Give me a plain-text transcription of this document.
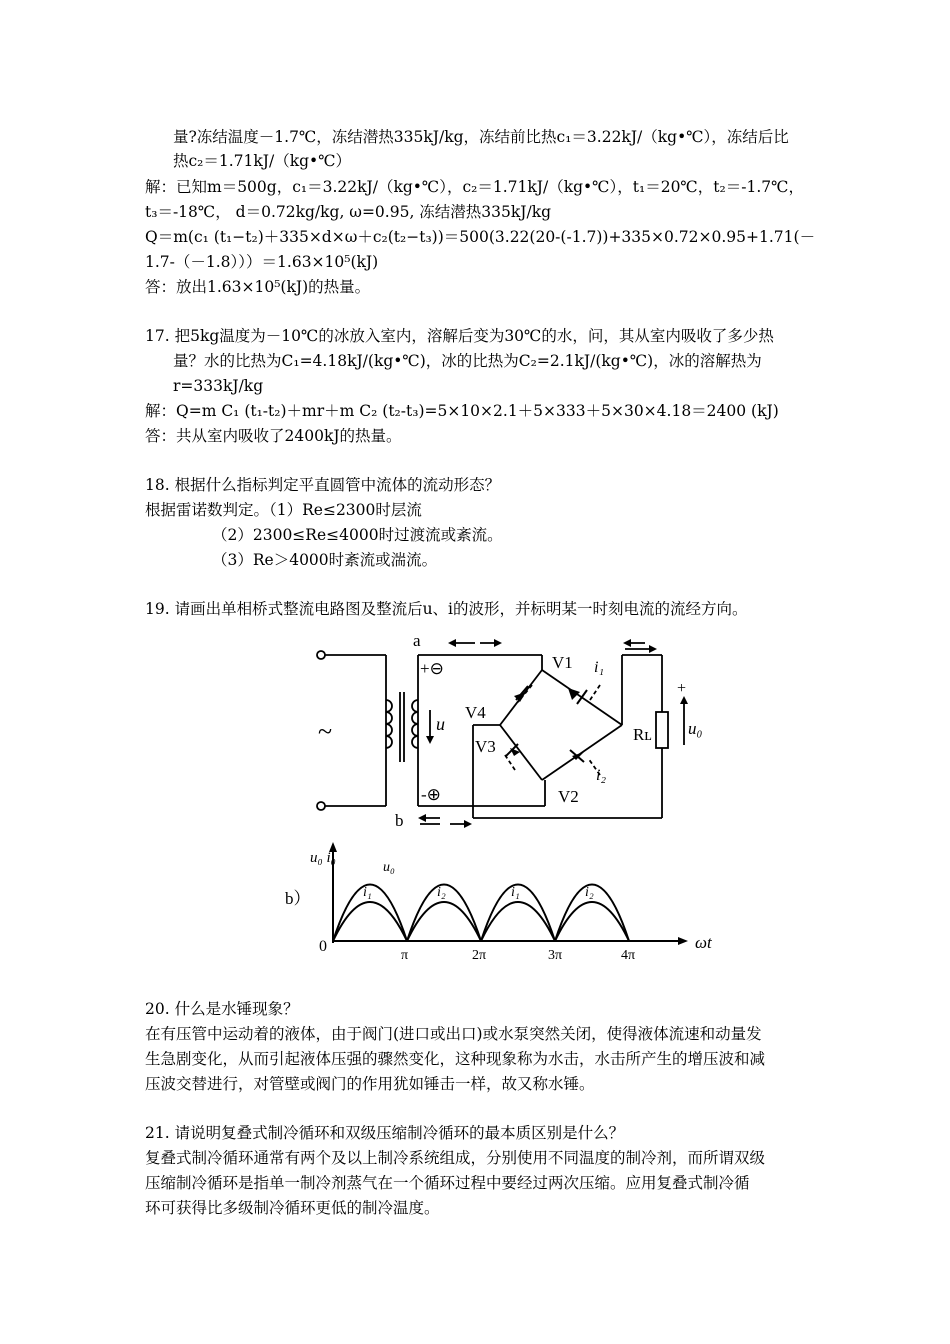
量?冻结温度－1.7℃，冻结潜热335kJ/kg，冻结前比热c₁＝3.22kJ/（kg•℃），冻结后比
热c₂＝1.71kJ/（kg•℃）
解：已知m＝500g，c₁＝3.22kJ/（kg•℃），c₂＝1.71kJ/（kg•℃），t₁＝20℃，t₂＝-1.7℃，
t₃＝-18℃， d＝0.72kg/kg, ω=0.95, 冻结潜热335kJ/kg
Q＝m(c₁ (t₁−t₂)＋335×d×ω＋c₂(t₂−t₃))＝500(3.22(20-(-1.7))+335×0.72×0.95+1.71(－
1.7-（－1.8）））＝1.63×10⁵(kJ)
答：放出1.63×10⁵(kJ)的热量。
17. 把5kg温度为－10℃的冰放入室内，溶解后变为30℃的水，问，其从室内吸收了多少热
量？水的比热为C₁=4.18kJ/(kg•℃)，冰的比热为C₂=2.1kJ/(kg•℃)，冰的溶解热为
r=333kJ/kg
解：Q=m C₁ (t₁-t₂)＋mr＋m C₂ (t₂-t₃)=5×10×2.1＋5×333＋5×30×4.18＝2400 (kJ)
答：共从室内吸收了2400kJ的热量。
18. 根据什么指标判定平直圆管中流体的流动形态？
根据雷诺数判定。（1）Re≤2300时层流
（2）2300≤Re≤4000时过渡流或紊流。
（3）Re＞4000时紊流或湍流。
19. 请画出单相桥式整流电路图及整流后u、i的波形，并标明某一时刻电流的流经方向。
a
b
~	u
+⊖
-⊕
V1
V2
V3
V4
i₁
i₂
Rʟ
+
u₀
u₀ i₀
u₀
b）
0
π	2π	3π	4π
ωt
i₁	i₂	i₁	i₂
20. 什么是水锤现象？
在有压管中运动着的液体，由于阀门(进口或出口)或水泵突然关闭，使得液体流速和动量发
生急剧变化，从而引起液体压强的骤然变化，这种现象称为水击，水击所产生的增压波和减
压波交替进行，对管壁或阀门的作用犹如锤击一样，故又称水锤。
21. 请说明复叠式制冷循环和双级压缩制冷循环的最本质区别是什么？
复叠式制冷循环通常有两个及以上制冷系统组成，分别使用不同温度的制冷剂，而所谓双级
压缩制冷循环是指单一制冷剂蒸气在一个循环过程中要经过两次压缩。应用复叠式制冷循
环可获得比多级制冷循环更低的制冷温度。
